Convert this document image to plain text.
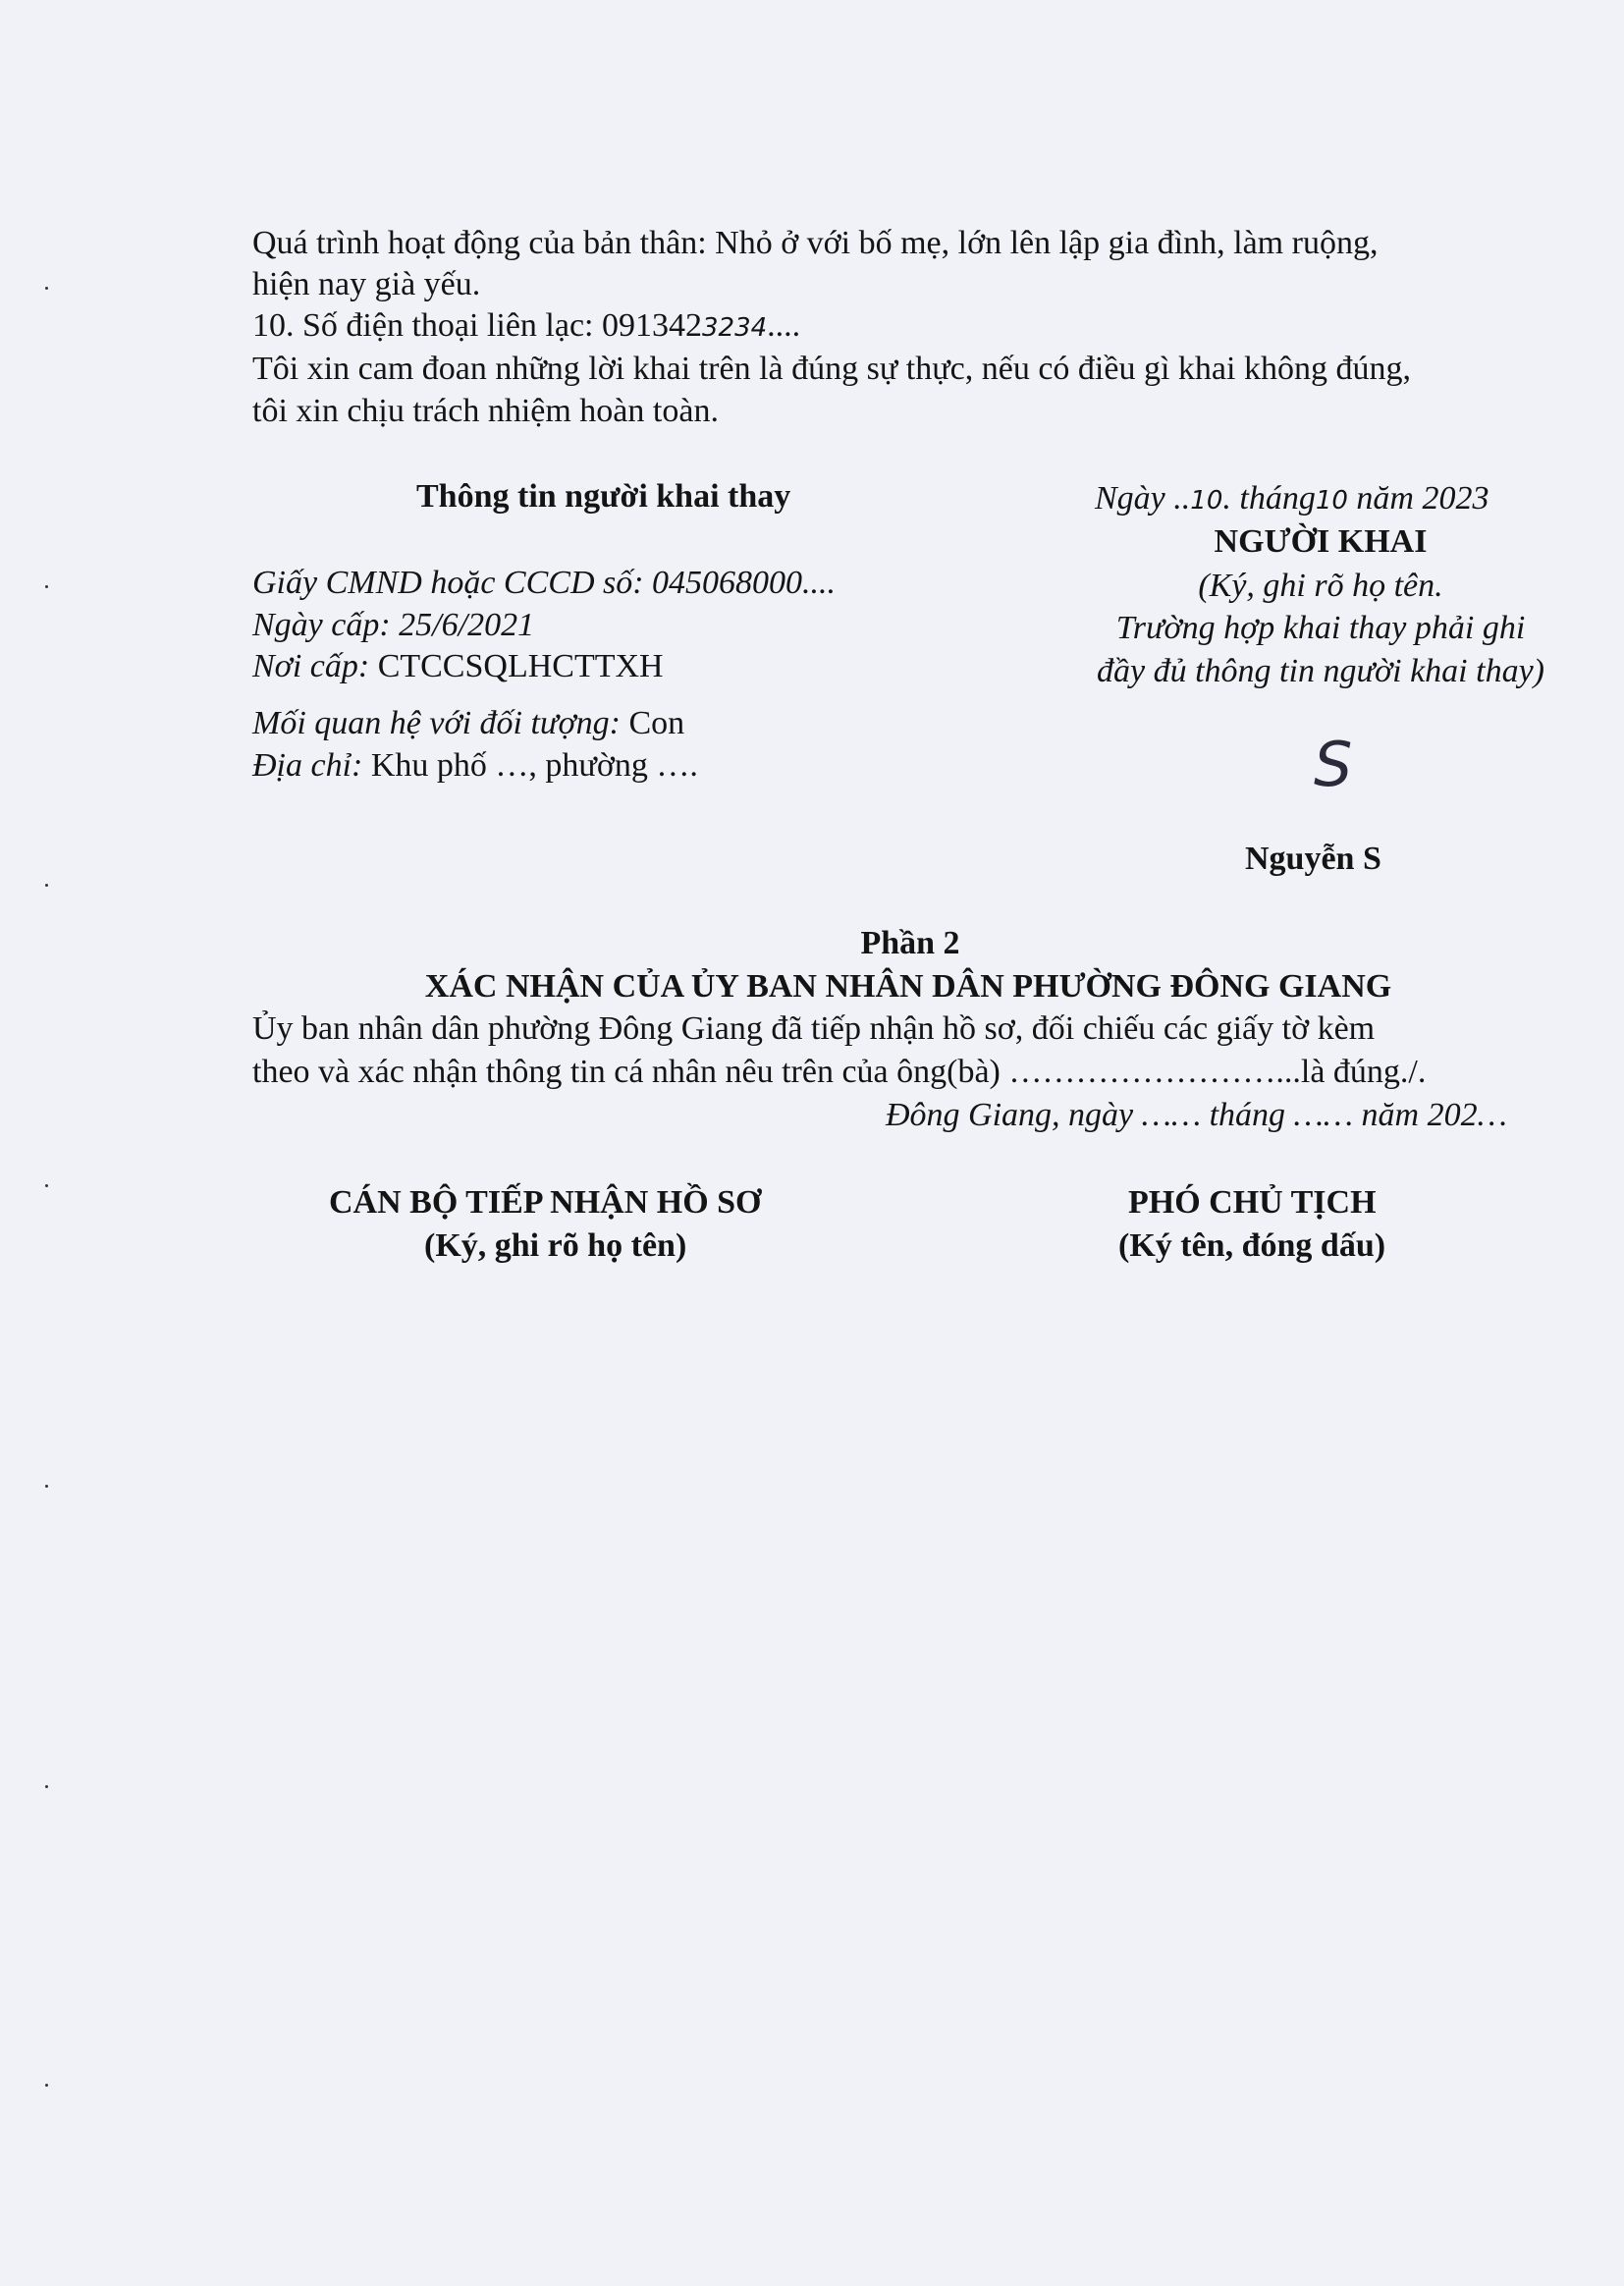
Quá trình hoạt động của bản thân: Nhỏ ở với bố mẹ, lớn lên lập gia đình, làm ruộng,
hiện nay già yếu.
10. Số điện thoại liên lạc: 0913423234....
Tôi xin cam đoan những lời khai trên là đúng sự thực, nếu có điều gì khai không đúng,
tôi xin chịu trách nhiệm hoàn toàn.
Thông tin người khai thay
Giấy CMND hoặc CCCD số: 045068000....
Ngày cấp: 25/6/2021
Nơi cấp: CTCCSQLHCTTXH
Mối quan hệ với đối tượng: Con
Địa chỉ: Khu phố …, phường ….
Ngày ..10. tháng10 năm 2023
NGƯỜI KHAI
(Ký, ghi rõ họ tên.
Trường hợp khai thay phải ghi
đầy đủ thông tin người khai thay)
S
Nguyễn S
Phần 2
XÁC NHẬN CỦA ỦY BAN NHÂN DÂN PHƯỜNG ĐÔNG GIANG
Ủy ban nhân dân phường Đông Giang đã tiếp nhận hồ sơ, đối chiếu các giấy tờ kèm
theo và xác nhận thông tin cá nhân nêu trên của ông(bà) ……………………...là đúng./.
Đông Giang, ngày …… tháng …… năm 202…
CÁN BỘ TIẾP NHẬN HỒ SƠ
(Ký, ghi rõ họ tên)
PHÓ CHỦ TỊCH
(Ký tên, đóng dấu)
